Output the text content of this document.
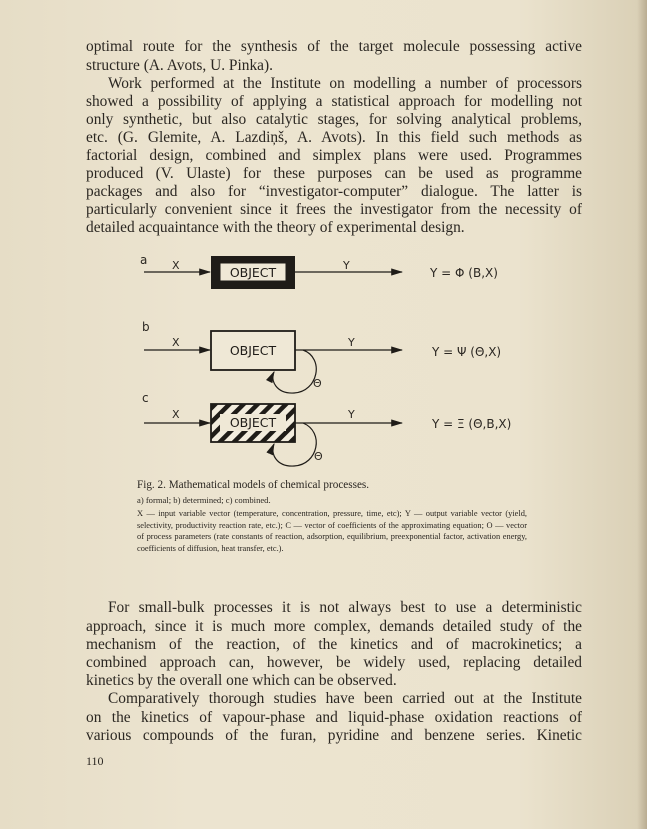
optimal route for the synthesis of the target molecule possessing active

structure (A. Avots, U. Pinka).

Work performed at the Institute on modelling a number of processors

showed a possibility of applying a statistical approach for modelling not

only synthetic, but also catalytic stages, for solving analytical problems,

etc. (G. Glemite, A. Lazdiņš, A. Avots). In this field such methods as

factorial design, combined and simplex plans were used. Programmes

produced (V. Ulaste) for these purposes can be used as programme

packages and also for “investigator-computer” dialogue. The latter is

particularly convenient since it frees the investigator from the necessity of

detailed acquaintance with the theory of experimental design.

a X	OBJECT	Y
Y = Φ (B,X)
b
X
OBJECT
Y
Θ
Y = Ψ (Θ,X)
c
X
OBJECT
Y
Θ
Y = Ξ (Θ,B,X)

Fig. 2. Mathematical models of chemical processes.

a) formal; b) determined; c) combined.

X — input variable vector (temperature, concentration, pressure, time, etc); Y — output variable vector (yield, selectivity, productivity reaction rate, etc.); C — vector of coefficients of the approximating equation; O — vector of process parameters (rate constants of reaction, adsorption, equilibrium, preexponential factor, activation energy, coefficients of diffusion, heat transfer, etc.).

For small-bulk processes it is not always best to use a deterministic

approach, since it is much more complex, demands detailed study of the

mechanism of the reaction, of the kinetics and of macrokinetics; a

combined approach can, however, be widely used, replacing detailed

kinetics by the overall one which can be observed.

Comparatively thorough studies have been carried out at the Institute

on the kinetics of vapour-phase and liquid-phase oxidation reactions of

various compounds of the furan, pyridine and benzene series. Kinetic

110
